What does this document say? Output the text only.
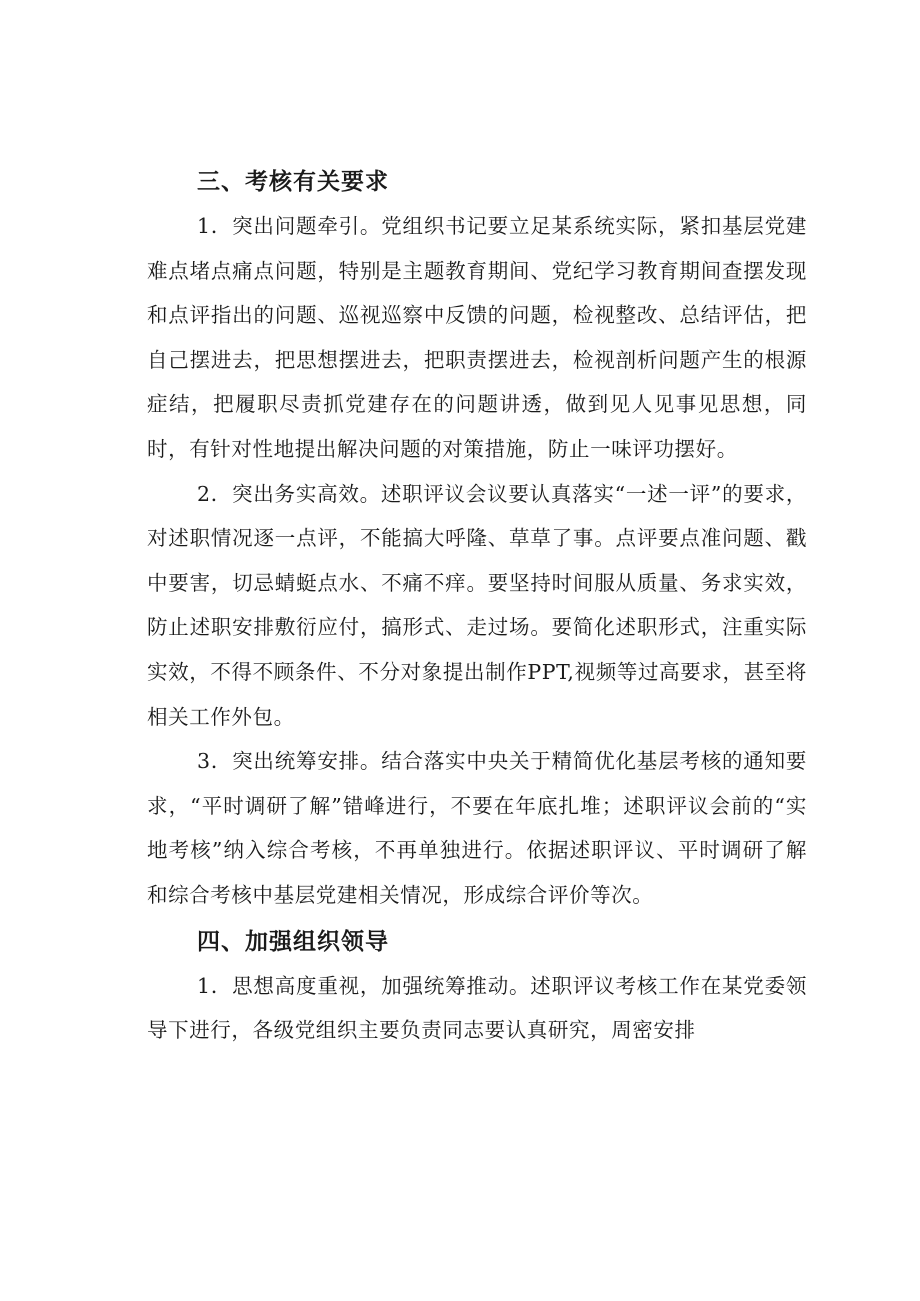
三、考核有关要求

1．突出问题牵引。党组织书记要立足某系统实际，紧扣基层党建难点堵点痛点问题，特别是主题教育期间、党纪学习教育期间查摆发现和点评指出的问题、巡视巡察中反馈的问题，检视整改、总结评估，把自己摆进去，把思想摆进去，把职责摆进去，检视剖析问题产生的根源症结，把履职尽责抓党建存在的问题讲透，做到见人见事见思想，同时，有针对性地提出解决问题的对策措施，防止一味评功摆好。

2．突出务实高效。述职评议会议要认真落实“一述一评”的要求，对述职情况逐一点评，不能搞大呼隆、草草了事。点评要点准问题、戳中要害，切忌蜻蜓点水、不痛不痒。要坚持时间服从质量、务求实效，防止述职安排敷衍应付，搞形式、走过场。要简化述职形式，注重实际实效，不得不顾条件、不分对象提出制作PPT,视频等过高要求，甚至将相关工作外包。

3．突出统筹安排。结合落实中央关于精简优化基层考核的通知要求，“平时调研了解”错峰进行，不要在年底扎堆；述职评议会前的“实地考核”纳入综合考核，不再单独进行。依据述职评议、平时调研了解和综合考核中基层党建相关情况，形成综合评价等次。

四、加强组织领导

1．思想高度重视，加强统筹推动。述职评议考核工作在某党委领导下进行，各级党组织主要负责同志要认真研究，周密安排
